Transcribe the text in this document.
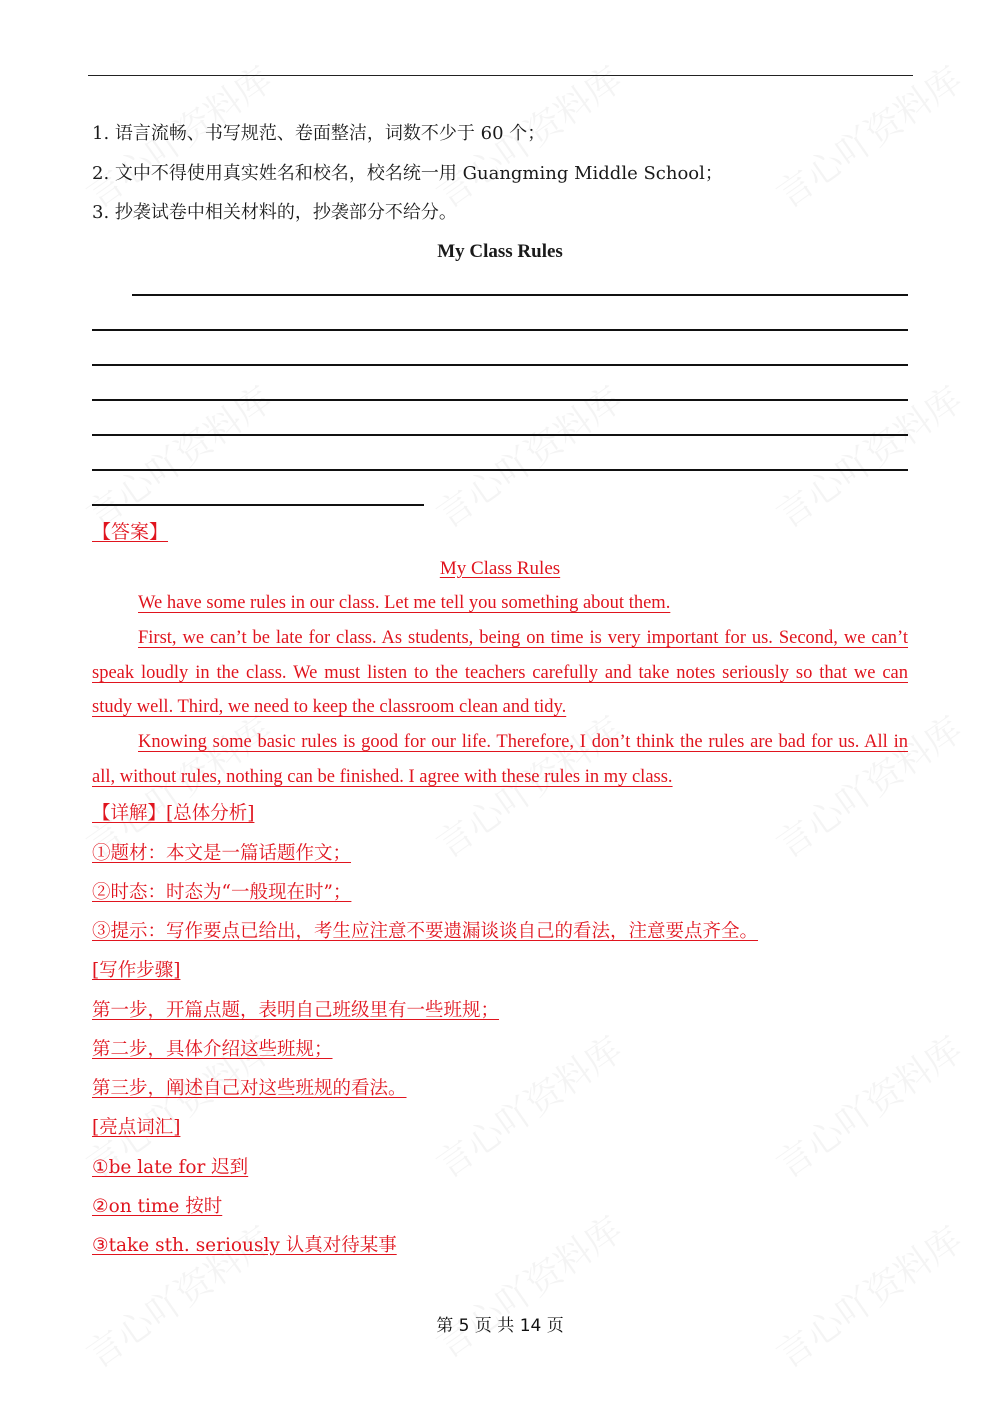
1. 语言流畅、书写规范、卷面整洁，词数不少于 60 个；
2. 文中不得使用真实姓名和校名，校名统一用 Guangming Middle School；
3. 抄袭试卷中相关材料的，抄袭部分不给分。
My Class Rules
【答案】
My Class Rules

We have some rules in our class. Let me tell you something about them.

First, we can’t be late for class. As students, being on time is very important for us. Second, we can’t speak loudly in the class. We must listen to the teachers carefully and take notes seriously so that we can study well. Third, we need to keep the classroom clean and tidy.

Knowing some basic rules is good for our life. Therefore, I don’t think the rules are bad for us. All in all, without rules, nothing can be finished. I agree with these rules in my class.

【详解】[总体分析]
①题材：本文是一篇话题作文；
②时态：时态为“一般现在时”；
③提示：写作要点已给出，考生应注意不要遗漏谈谈自己的看法，注意要点齐全。
[写作步骤]
第一步，开篇点题，表明自己班级里有一些班规；
第二步，具体介绍这些班规；
第三步，阐述自己对这些班规的看法。
[亮点词汇]
①be late for 迟到
②on time 按时
③take sth. seriously 认真对待某事
第 5 页 共 14 页
